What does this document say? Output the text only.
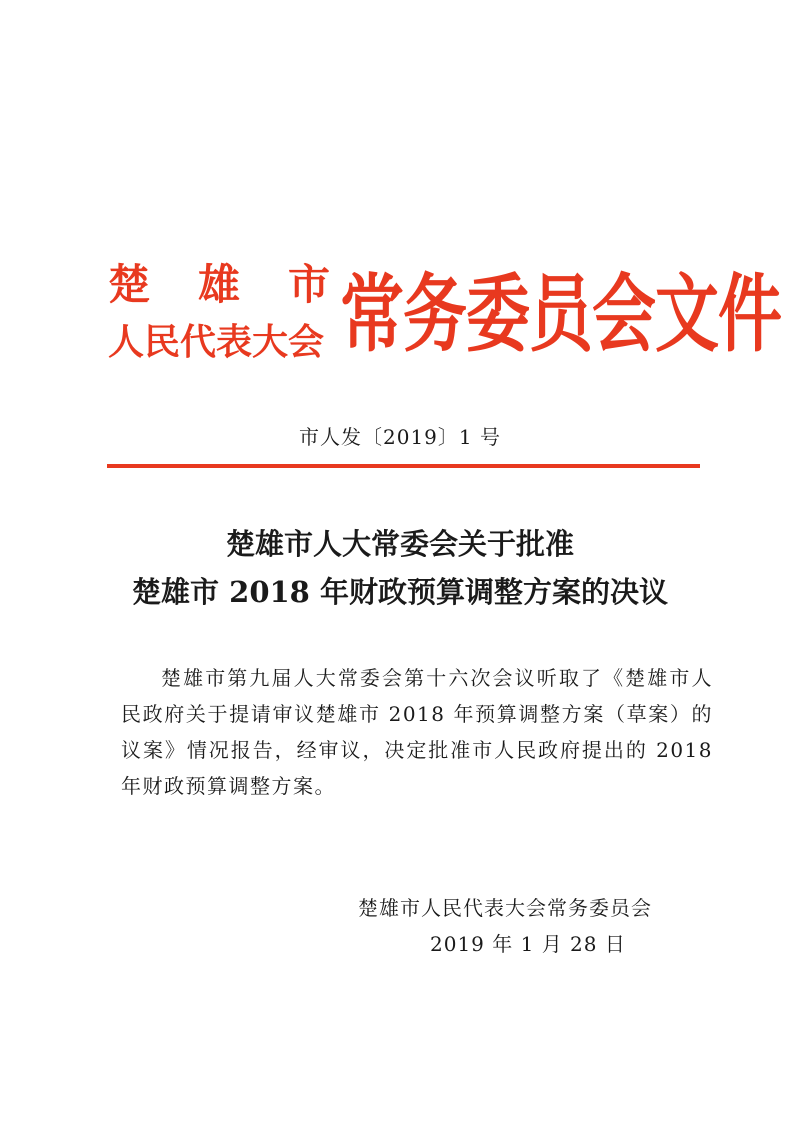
楚 雄 市
人民代表大会 常务委员会文件
市人发〔2019〕1 号
楚雄市人大常委会关于批准
楚雄市 2018 年财政预算调整方案的决议

楚雄市第九届人大常委会第十六次会议听取了《楚雄市人民政府关于提请审议楚雄市 2018 年预算调整方案（草案）的议案》情况报告，经审议，决定批准市人民政府提出的 2018 年财政预算调整方案。

楚雄市人民代表大会常务委员会
2019 年 1 月 28 日
